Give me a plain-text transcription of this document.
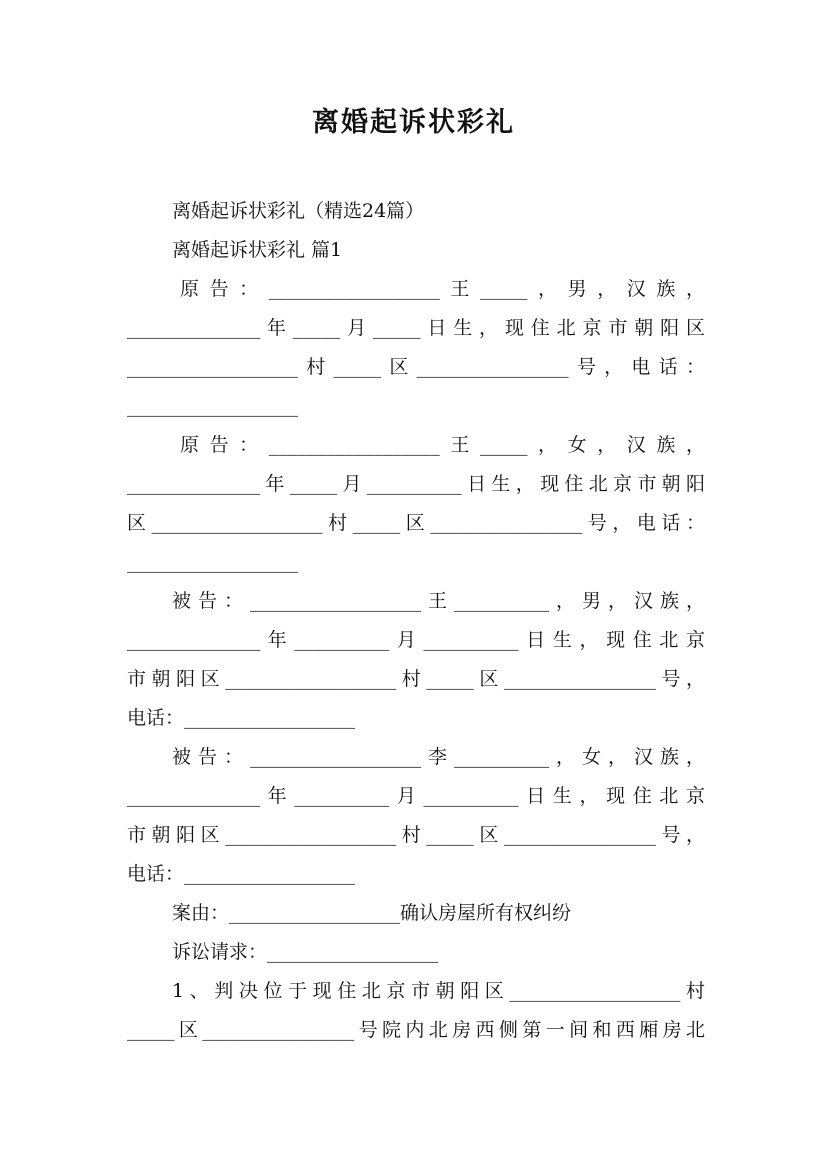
离婚起诉状彩礼
离婚起诉状彩礼（精选24篇）
离婚起诉状彩礼 篇1
原告：__________________王_____，男，汉族，
______________年_____月_____日生，现住北京市朝阳区
__________________村_____区________________号，电话：
__________________
原告：__________________王_____，女，汉族，
______________年_____月__________日生，现住北京市朝阳
区__________________村_____区________________号，电话：
__________________
被告：__________________王__________，男，汉族，
______________年__________月__________日生，现住北京
市朝阳区__________________村_____区________________号，
电话：__________________
被告：__________________李__________，女，汉族，
______________年__________月__________日生，现住北京
市朝阳区__________________村_____区________________号，
电话：__________________
案由：__________________确认房屋所有权纠纷
诉讼请求：__________________
1、判决位于现住北京市朝阳区__________________村
_____区________________号院内北房西侧第一间和西厢房北
